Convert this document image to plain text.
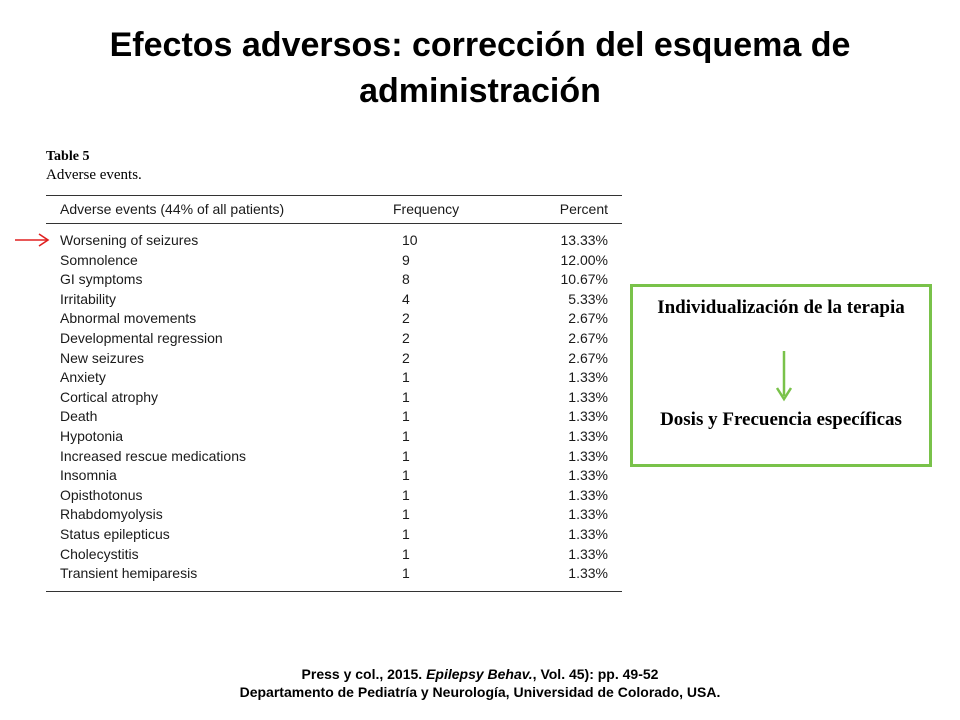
Efectos adversos: corrección del esquema de administración
Table 5
Adverse events.
Adverse events (44% of all patients)	Frequency	Percent
Worsening of seizures	10	13.33%
Somnolence	9	12.00%
GI symptoms	8	10.67%
Irritability	4	5.33%
Abnormal movements	2	2.67%
Developmental regression	2	2.67%
New seizures	2	2.67%
Anxiety	1	1.33%
Cortical atrophy	1	1.33%
Death	1	1.33%
Hypotonia	1	1.33%
Increased rescue medications	1	1.33%
Insomnia	1	1.33%
Opisthotonus	1	1.33%
Rhabdomyolysis	1	1.33%
Status epilepticus	1	1.33%
Cholecystitis	1	1.33%
Transient hemiparesis	1	1.33%
Individualización de la terapia
Dosis y Frecuencia específicas
Press y col., 2015. Epilepsy Behav., Vol. 45): pp. 49-52
Departamento de Pediatría y Neurología, Universidad de Colorado, USA.
